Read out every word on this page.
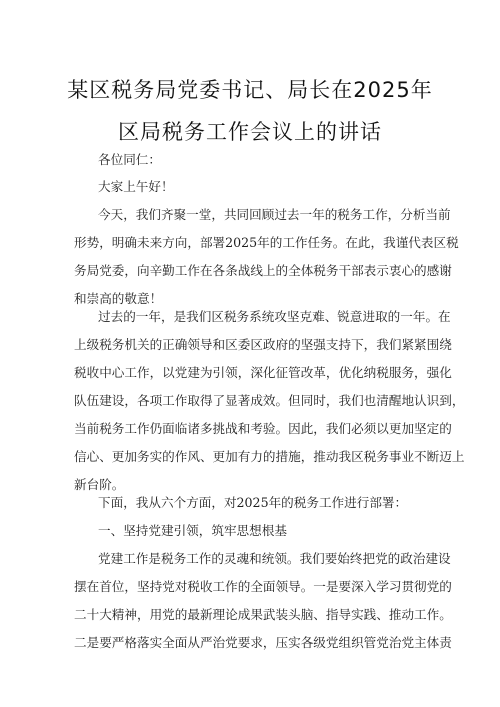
某区税务局党委书记、局长在2025年
区局税务工作会议上的讲话
各位同仁：
大家上午好！
今天，我们齐聚一堂，共同回顾过去一年的税务工作，分析当前
形势，明确未来方向，部署2025年的工作任务。在此，我谨代表区税
务局党委，向辛勤工作在各条战线上的全体税务干部表示衷心的感谢
和崇高的敬意！
过去的一年，是我们区税务系统攻坚克难、锐意进取的一年。在
上级税务机关的正确领导和区委区政府的坚强支持下，我们紧紧围绕
税收中心工作，以党建为引领，深化征管改革，优化纳税服务，强化
队伍建设，各项工作取得了显著成效。但同时，我们也清醒地认识到，
当前税务工作仍面临诸多挑战和考验。因此，我们必须以更加坚定的
信心、更加务实的作风、更加有力的措施，推动我区税务事业不断迈上
新台阶。
下面，我从六个方面，对2025年的税务工作进行部署：
一、坚持党建引领，筑牢思想根基
党建工作是税务工作的灵魂和统领。我们要始终把党的政治建设
摆在首位，坚持党对税收工作的全面领导。一是要深入学习贯彻党的
二十大精神，用党的最新理论成果武装头脑、指导实践、推动工作。
二是要严格落实全面从严治党要求，压实各级党组织管党治党主体责
